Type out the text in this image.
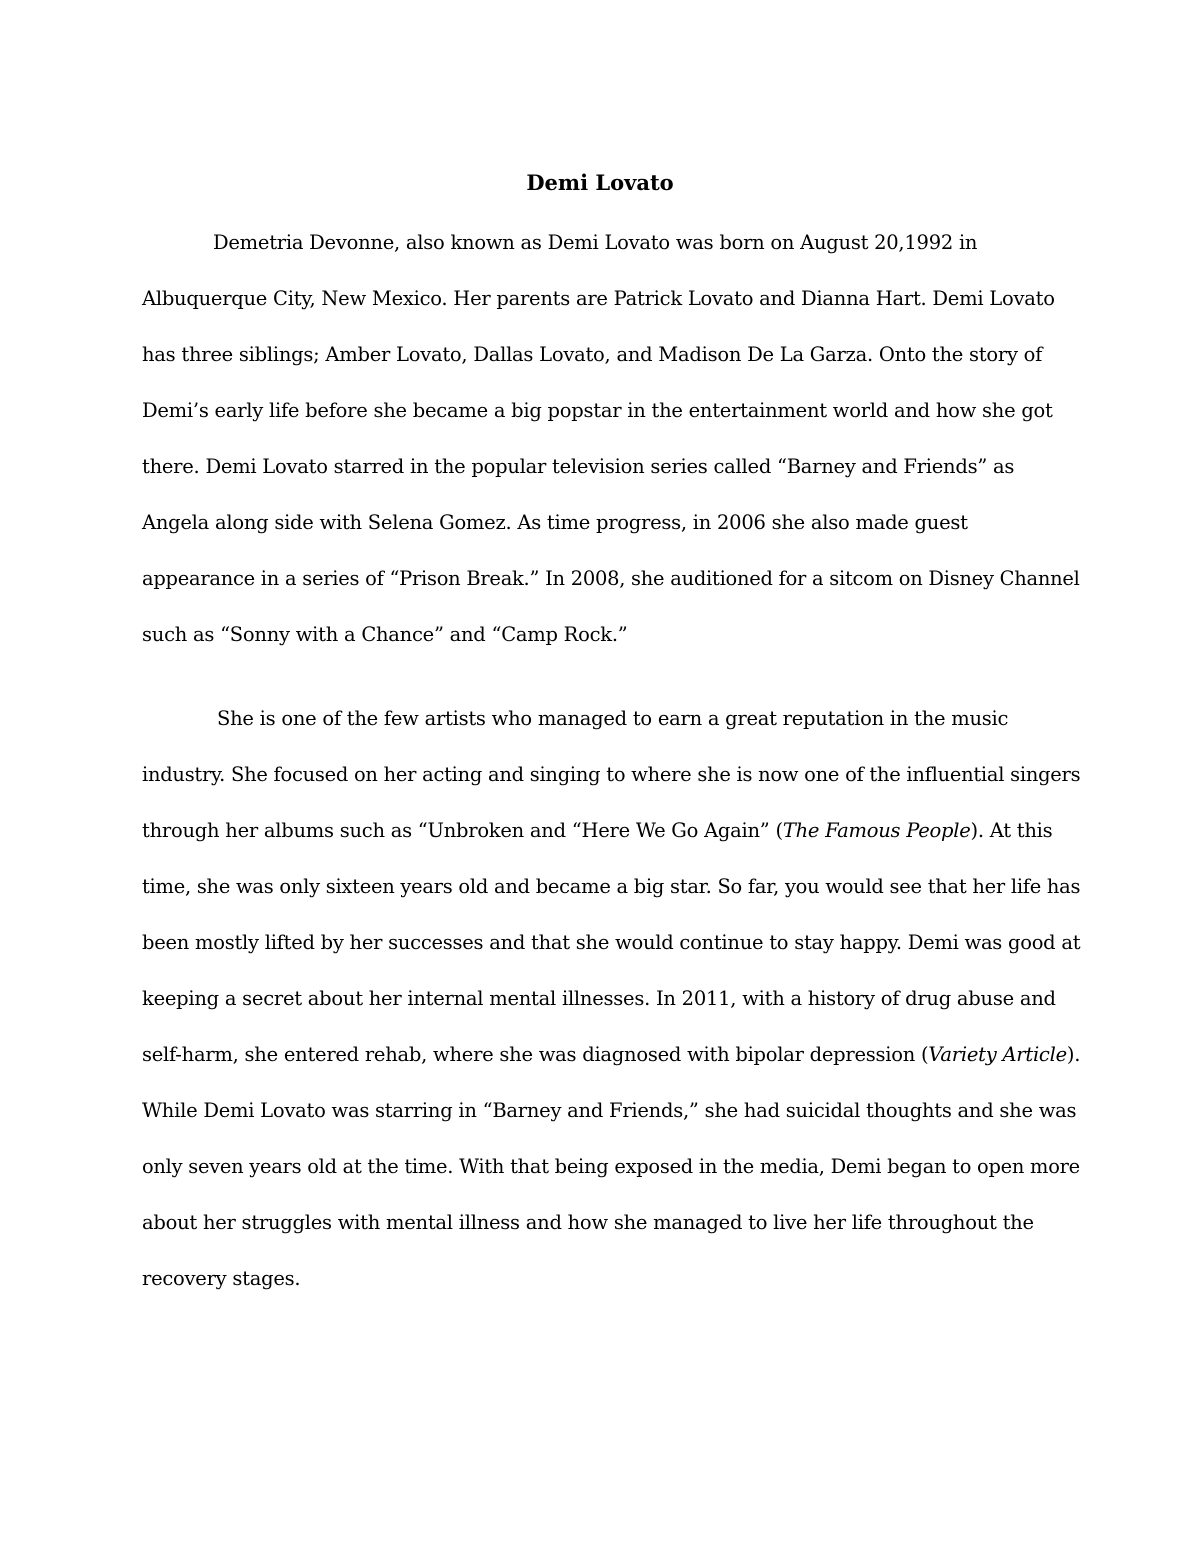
Demi Lovato
Demetria Devonne, also known as Demi Lovato was born on August 20,1992 in
Albuquerque City, New Mexico. Her parents are Patrick Lovato and Dianna Hart. Demi Lovato
has three siblings; Amber Lovato, Dallas Lovato, and Madison De La Garza. Onto the story of
Demi’s early life before she became a big popstar in the entertainment world and how she got
there. Demi Lovato starred in the popular television series called “Barney and Friends” as
Angela along side with Selena Gomez. As time progress, in 2006 she also made guest
appearance in a series of “Prison Break.” In 2008, she auditioned for a sitcom on Disney Channel
such as “Sonny with a Chance” and “Camp Rock.”
She is one of the few artists who managed to earn a great reputation in the music
industry. She focused on her acting and singing to where she is now one of the influential singers
through her albums such as “Unbroken and “Here We Go Again” (The Famous People). At this
time, she was only sixteen years old and became a big star. So far, you would see that her life has
been mostly lifted by her successes and that she would continue to stay happy. Demi was good at
keeping a secret about her internal mental illnesses. In 2011, with a history of drug abuse and
self-harm, she entered rehab, where she was diagnosed with bipolar depression (Variety Article).
While Demi Lovato was starring in “Barney and Friends,” she had suicidal thoughts and she was
only seven years old at the time. With that being exposed in the media, Demi began to open more
about her struggles with mental illness and how she managed to live her life throughout the
recovery stages.
